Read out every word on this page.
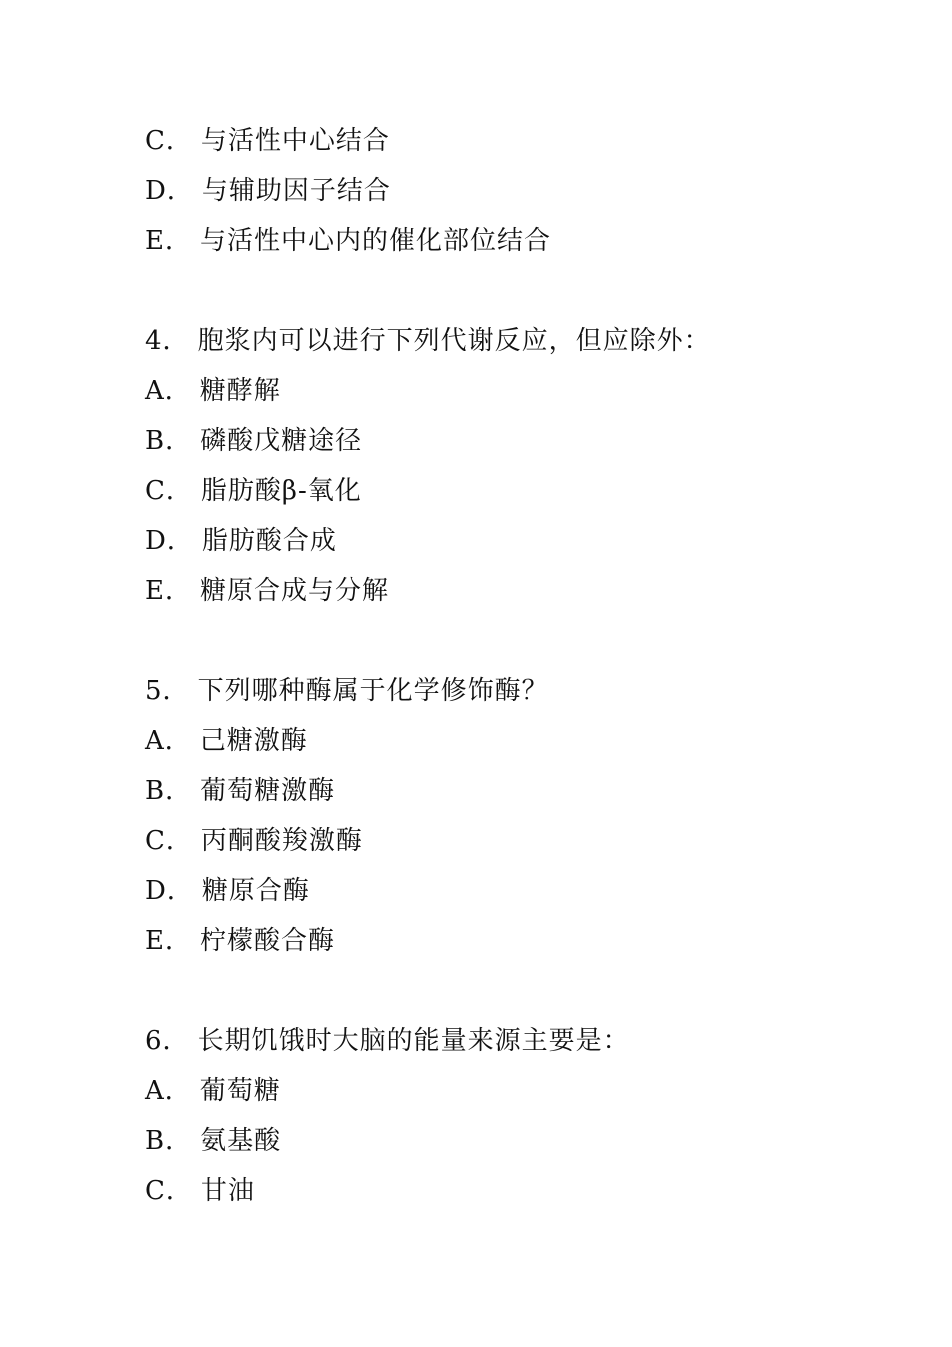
C． 与活性中心结合
D． 与辅助因子结合
E． 与活性中心内的催化部位结合
4． 胞浆内可以进行下列代谢反应，但应除外：
A． 糖酵解
B． 磷酸戊糖途径
C． 脂肪酸β-氧化
D． 脂肪酸合成
E． 糖原合成与分解
5． 下列哪种酶属于化学修饰酶？
A． 己糖激酶
B． 葡萄糖激酶
C． 丙酮酸羧激酶
D． 糖原合酶
E． 柠檬酸合酶
6． 长期饥饿时大脑的能量来源主要是：
A． 葡萄糖
B． 氨基酸
C． 甘油
